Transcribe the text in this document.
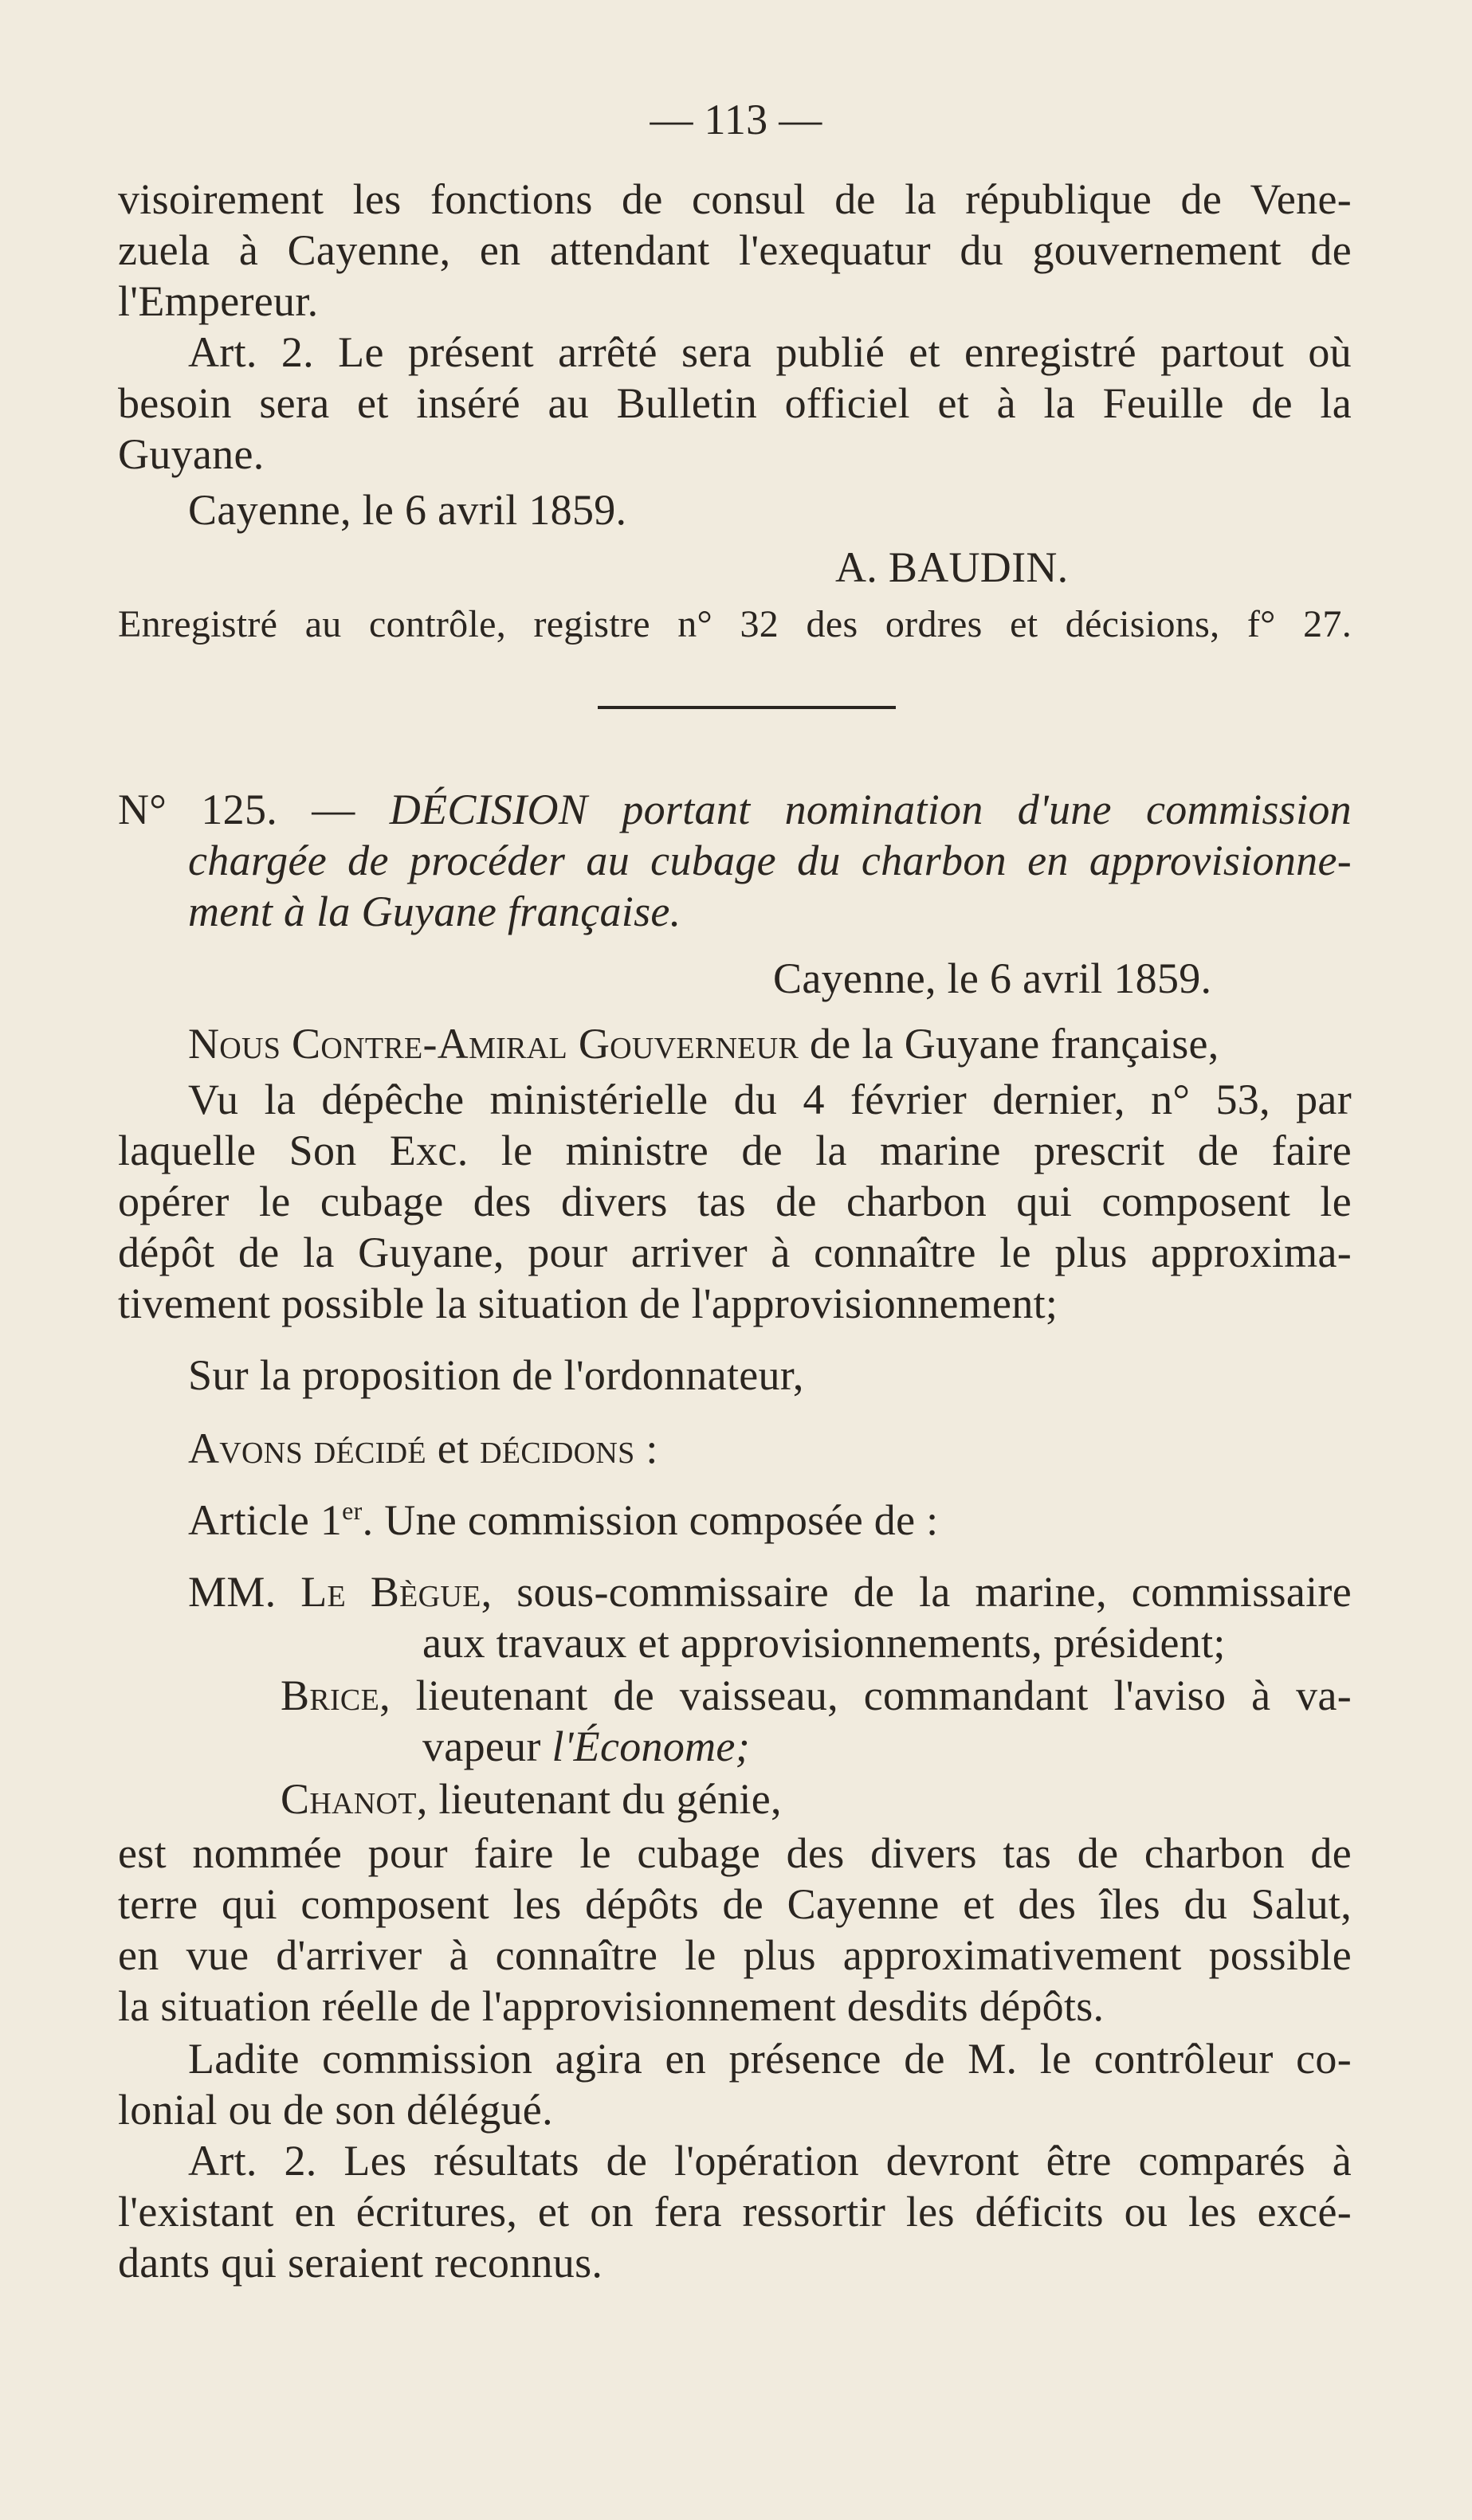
— 113 —
visoirement les fonctions de consul de la république de Vene-
zuela à Cayenne, en attendant l'exequatur du gouvernement de
l'Empereur.
Art. 2. Le présent arrêté sera publié et enregistré partout où
besoin sera et inséré au Bulletin officiel et à la Feuille de la
Guyane.
Cayenne, le 6 avril 1859.
A. BAUDIN.
Enregistré au contrôle, registre n° 32 des ordres et décisions, f° 27.
N° 125. — DÉCISION portant nomination d'une commission
chargée de procéder au cubage du charbon en approvisionne-
ment à la Guyane française.
Cayenne, le 6 avril 1859.
Nous Contre-Amiral Gouverneur de la Guyane française,
Vu la dépêche ministérielle du 4 février dernier, n° 53, par
laquelle Son Exc. le ministre de la marine prescrit de faire
opérer le cubage des divers tas de charbon qui composent le
dépôt de la Guyane, pour arriver à connaître le plus approxima-
tivement possible la situation de l'approvisionnement;
Sur la proposition de l'ordonnateur,
Avons décidé et décidons :
Article 1er. Une commission composée de :
MM. Le Bègue, sous-commissaire de la marine, commissaire
aux travaux et approvisionnements, président;
Brice, lieutenant de vaisseau, commandant l'aviso à va-
vapeur l'Économe;
Chanot, lieutenant du génie,
est nommée pour faire le cubage des divers tas de charbon de
terre qui composent les dépôts de Cayenne et des îles du Salut,
en vue d'arriver à connaître le plus approximativement possible
la situation réelle de l'approvisionnement desdits dépôts.
Ladite commission agira en présence de M. le contrôleur co-
lonial ou de son délégué.
Art. 2. Les résultats de l'opération devront être comparés à
l'existant en écritures, et on fera ressortir les déficits ou les excé-
dants qui seraient reconnus.
